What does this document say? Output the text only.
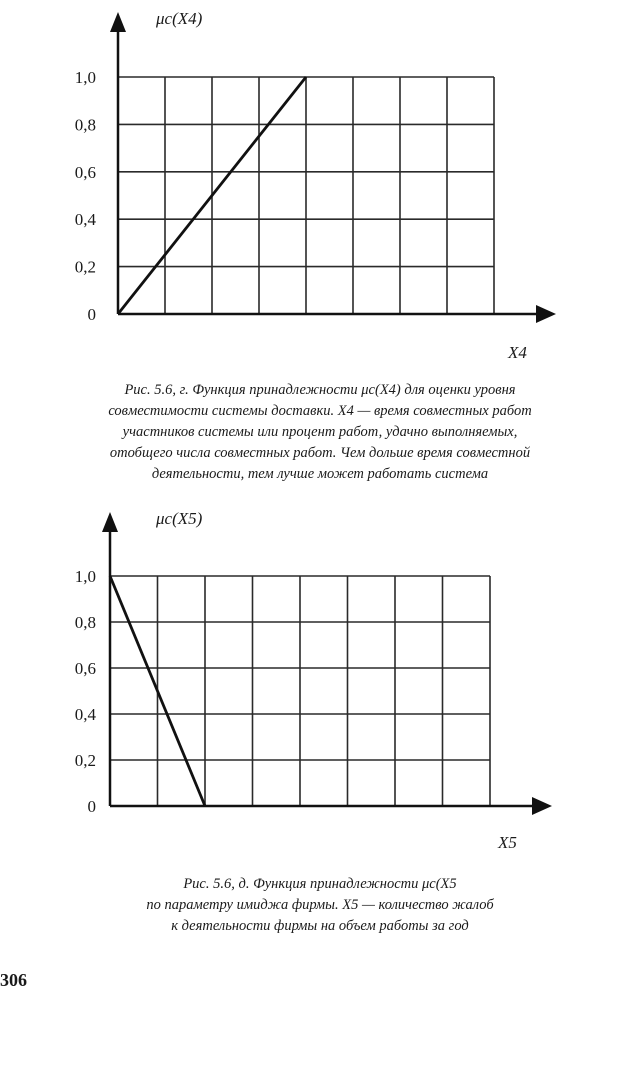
0
0,2
0,4
0,6
0,8
1,0
μc(X4)
X4
Рис. 5.6, г. Функция принадлежности μс(X4) для оценки уровня
совместимости системы доставки. X4 — время совместных работ
участников системы или процент работ, удачно выполняемых,
отобщего числа совместных работ. Чем дольше время совместной
деятельности, тем лучше может работать система
0
0,2
0,4
0,6
0,8
1,0
μc(X5)
X5
Рис. 5.6, д. Функция принадлежности μc(X5
по параметру имиджа фирмы. X5 — количество жалоб
к деятельности фирмы на объем работы за год
306
